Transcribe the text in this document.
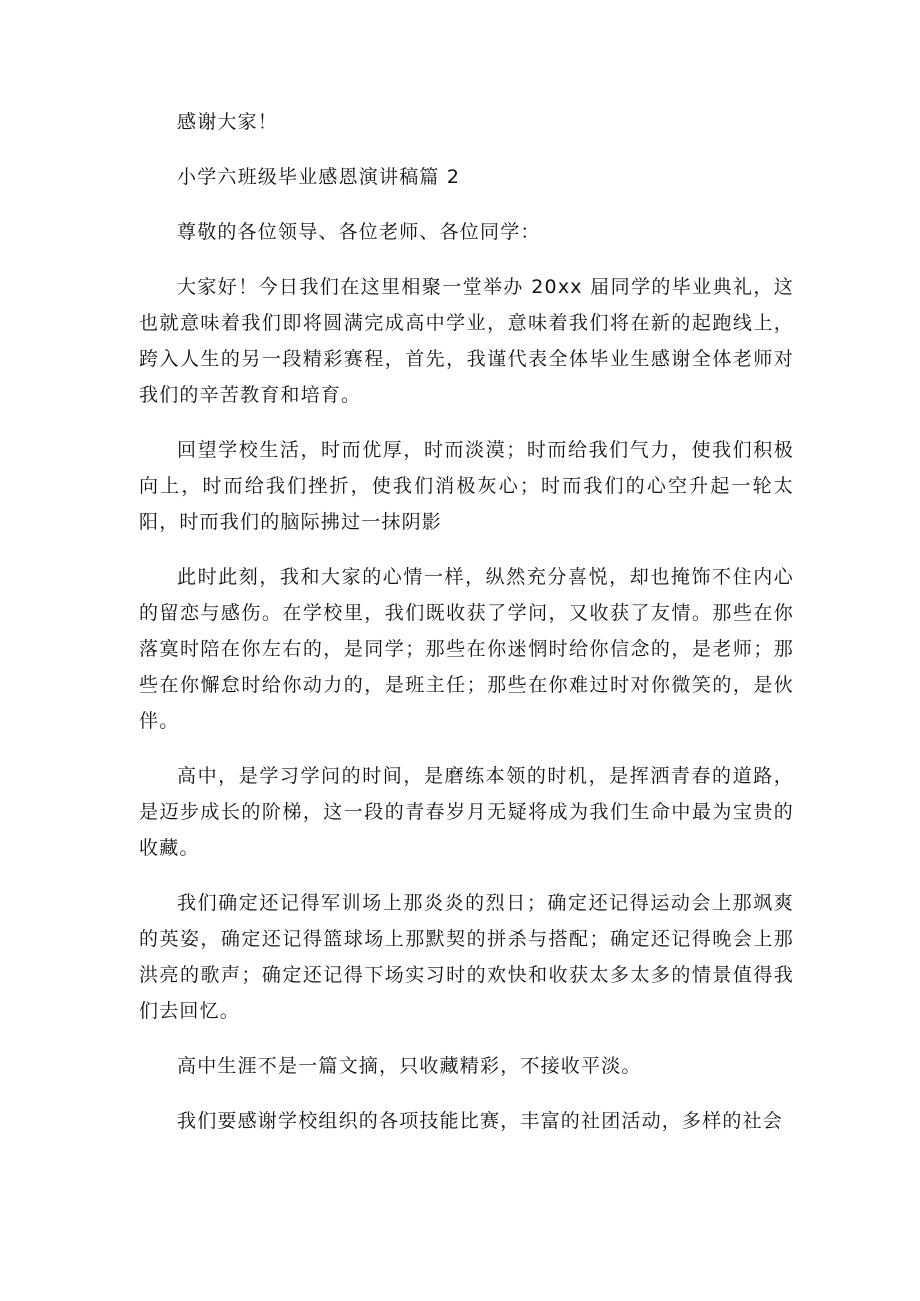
感谢大家！

小学六班级毕业感恩演讲稿篇 2

尊敬的各位领导、各位老师、各位同学：

大家好！今日我们在这里相聚一堂举办 20xx 届同学的毕业典礼，这也就意味着我们即将圆满完成高中学业，意味着我们将在新的起跑线上，跨入人生的另一段精彩赛程，首先，我谨代表全体毕业生感谢全体老师对我们的辛苦教育和培育。

回望学校生活，时而优厚，时而淡漠；时而给我们气力，使我们积极向上，时而给我们挫折，使我们消极灰心；时而我们的心空升起一轮太阳，时而我们的脑际拂过一抹阴影

此时此刻，我和大家的心情一样，纵然充分喜悦，却也掩饰不住内心的留恋与感伤。在学校里，我们既收获了学问，又收获了友情。那些在你落寞时陪在你左右的，是同学；那些在你迷惘时给你信念的，是老师；那些在你懈怠时给你动力的，是班主任；那些在你难过时对你微笑的，是伙伴。

高中，是学习学问的时间，是磨练本领的时机，是挥洒青春的道路，是迈步成长的阶梯，这一段的青春岁月无疑将成为我们生命中最为宝贵的收藏。

我们确定还记得军训场上那炎炎的烈日；确定还记得运动会上那飒爽的英姿，确定还记得篮球场上那默契的拼杀与搭配；确定还记得晚会上那洪亮的歌声；确定还记得下场实习时的欢快和收获太多太多的情景值得我们去回忆。

高中生涯不是一篇文摘，只收藏精彩，不接收平淡。

我们要感谢学校组织的各项技能比赛，丰富的社团活动，多样的社会
